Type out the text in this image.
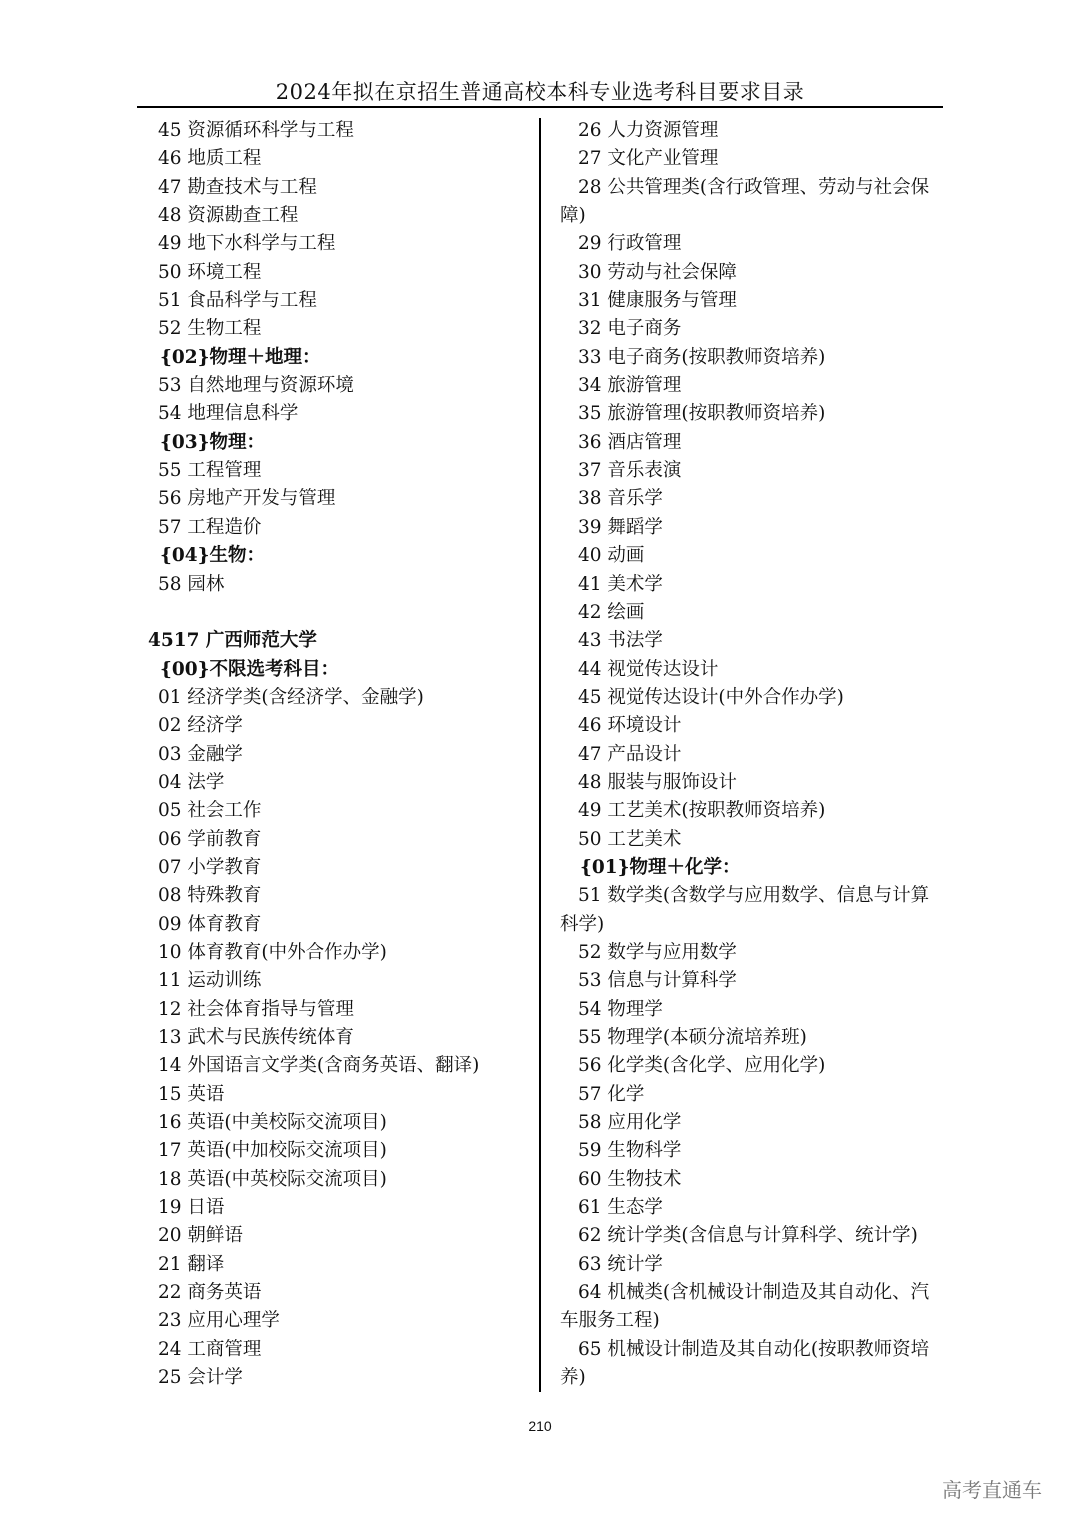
2024年拟在京招生普通高校本科专业选考科目要求目录
45 资源循环科学与工程
46 地质工程
47 勘查技术与工程
48 资源勘查工程
49 地下水科学与工程
50 环境工程
51 食品科学与工程
52 生物工程
{02}物理＋地理：
53 自然地理与资源环境
54 地理信息科学
{03}物理：
55 工程管理
56 房地产开发与管理
57 工程造价
{04}生物：
58 园林
4517 广西师范大学
{00}不限选考科目：
01 经济学类(含经济学、金融学)
02 经济学
03 金融学
04 法学
05 社会工作
06 学前教育
07 小学教育
08 特殊教育
09 体育教育
10 体育教育(中外合作办学)
11 运动训练
12 社会体育指导与管理
13 武术与民族传统体育
14 外国语言文学类(含商务英语、翻译)
15 英语
16 英语(中美校际交流项目)
17 英语(中加校际交流项目)
18 英语(中英校际交流项目)
19 日语
20 朝鲜语
21 翻译
22 商务英语
23 应用心理学
24 工商管理
25 会计学
26 人力资源管理
27 文化产业管理
28 公共管理类(含行政管理、劳动与社会保障)
29 行政管理
30 劳动与社会保障
31 健康服务与管理
32 电子商务
33 电子商务(按职教师资培养)
34 旅游管理
35 旅游管理(按职教师资培养)
36 酒店管理
37 音乐表演
38 音乐学
39 舞蹈学
40 动画
41 美术学
42 绘画
43 书法学
44 视觉传达设计
45 视觉传达设计(中外合作办学)
46 环境设计
47 产品设计
48 服装与服饰设计
49 工艺美术(按职教师资培养)
50 工艺美术
{01}物理＋化学：
51 数学类(含数学与应用数学、信息与计算科学)
52 数学与应用数学
53 信息与计算科学
54 物理学
55 物理学(本硕分流培养班)
56 化学类(含化学、应用化学)
57 化学
58 应用化学
59 生物科学
60 生物技术
61 生态学
62 统计学类(含信息与计算科学、统计学)
63 统计学
64 机械类(含机械设计制造及其自动化、汽车服务工程)
65 机械设计制造及其自动化(按职教师资培养)
210
高考直通车
